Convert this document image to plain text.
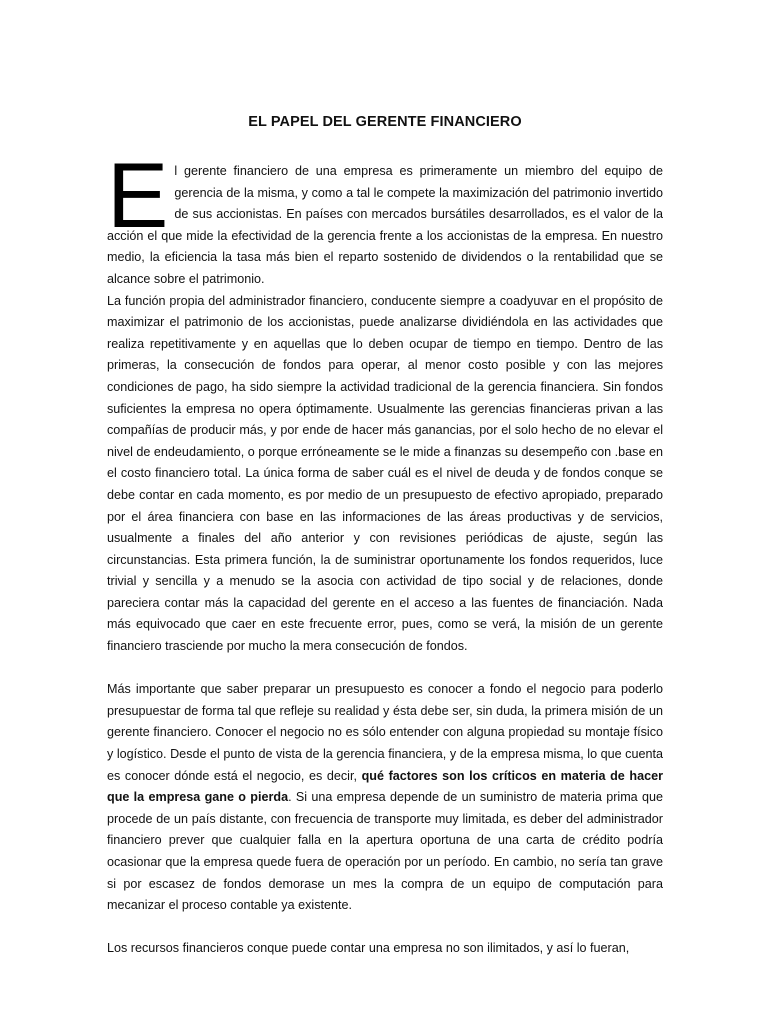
EL PAPEL DEL GERENTE FINANCIERO

El gerente financiero de una empresa es primeramente un miembro del equipo de gerencia de la misma, y como a tal le compete la maximización del patrimonio invertido de sus accionistas. En países con mercados bursátiles desarrollados, es el valor de la acción el que mide la efectividad de la gerencia frente a los accionistas de la empresa. En nuestro medio, la eficiencia la tasa más bien el reparto sostenido de dividendos o la rentabilidad que se alcance sobre el patrimonio.

La función propia del administrador financiero, conducente siempre a coadyuvar en el propósito de maximizar el patrimonio de los accionistas, puede analizarse dividiéndola en las actividades que realiza repetitivamente y en aquellas que lo deben ocupar de tiempo en tiempo. Dentro de las primeras, la consecución de fondos para operar, al menor costo posible y con las mejores condiciones de pago, ha sido siempre la actividad tradicional de la gerencia financiera. Sin fondos suficientes la empresa no opera óptimamente. Usualmente las gerencias financieras privan a las compañías de producir más, y por ende de hacer más ganancias, por el solo hecho de no elevar el nivel de endeudamiento, o porque erróneamente se le mide a finanzas su desempeño con .base en el costo financiero total. La única forma de saber cuál es el nivel de deuda y de fondos conque se debe contar en cada momento, es por medio de un presupuesto de efectivo apropiado, preparado por el área financiera con base en las informaciones de las áreas productivas y de servicios, usualmente a finales del año anterior y con revisiones periódicas de ajuste, según las circunstancias. Esta primera función, la de suministrar oportunamente los fondos requeridos, luce trivial y sencilla y a menudo se la asocia con actividad de tipo social y de relaciones, donde pareciera contar más la capacidad del gerente en el acceso a las fuentes de financiación. Nada más equivocado que caer en este frecuente error, pues, como se verá, la misión de un gerente financiero trasciende por mucho la mera consecución de fondos.

Más importante que saber preparar un presupuesto es conocer a fondo el negocio para poderlo presupuestar de forma tal que refleje su realidad y ésta debe ser, sin duda, la primera misión de un gerente financiero. Conocer el negocio no es sólo entender con alguna propiedad su montaje físico y logístico. Desde el punto de vista de la gerencia financiera, y de la empresa misma, lo que cuenta es conocer dónde está el negocio, es decir, qué factores son los críticos en materia de hacer que la empresa gane o pierda. Si una empresa depende de un suministro de materia prima que procede de un país distante, con frecuencia de transporte muy limitada, es deber del administrador financiero prever que cualquier falla en la apertura oportuna de una carta de crédito podría ocasionar que la empresa quede fuera de operación por un período. En cambio, no sería tan grave si por escasez de fondos demorase un mes la compra de un equipo de computación para mecanizar el proceso contable ya existente.

Los recursos financieros conque puede contar una empresa no son ilimitados, y así lo fueran,
